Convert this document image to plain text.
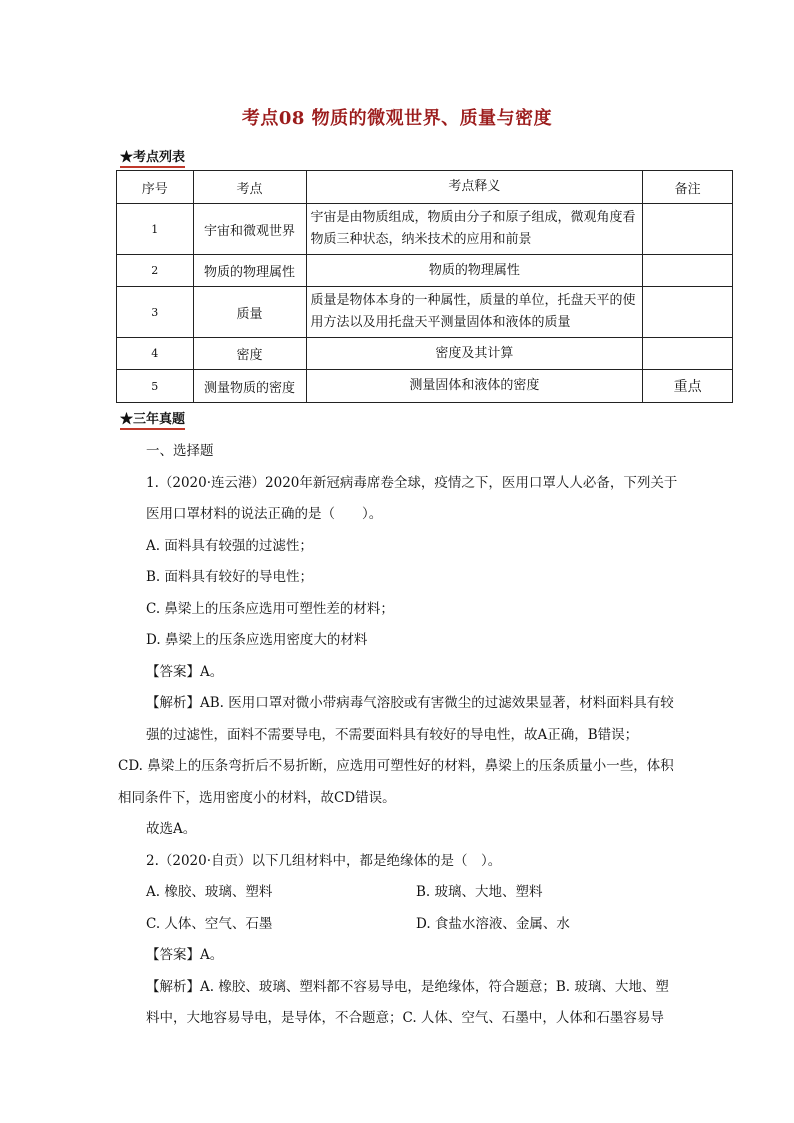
考点08 物质的微观世界、质量与密度
★考点列表
序号	考点	考点释义	备注
1	宇宙和微观世界	宇宙是由物质组成，物质由分子和原子组成，微观角度看物质三种状态，纳米技术的应用和前景	
2	物质的物理属性	物质的物理属性	
3	质量	质量是物体本身的一种属性，质量的单位，托盘天平的使用方法以及用托盘天平测量固体和液体的质量	
4	密度	密度及其计算	
5	测量物质的密度	测量固体和液体的密度	重点
★三年真题

一、选择题

1.（2020·连云港）2020年新冠病毒席卷全球，疫情之下，医用口罩人人必备，下列关于医用口罩材料的说法正确的是（　　）。

A. 面料具有较强的过滤性；

B. 面料具有较好的导电性；

C. 鼻梁上的压条应选用可塑性差的材料；

D. 鼻梁上的压条应选用密度大的材料

【答案】A。

【解析】AB. 医用口罩对微小带病毒气溶胶或有害微尘的过滤效果显著，材料面料具有较强的过滤性，面料不需要导电，不需要面料具有较好的导电性，故A正确，B错误；

CD. 鼻梁上的压条弯折后不易折断，应选用可塑性好的材料，鼻梁上的压条质量小一些，体积相同条件下，选用密度小的材料，故CD错误。

故选A。

2.（2020·自贡）以下几组材料中，都是绝缘体的是（　）。

A. 橡胶、玻璃、塑料	B. 玻璃、大地、塑料
C. 人体、空气、石墨	D. 食盐水溶液、金属、水

【答案】A。

【解析】A. 橡胶、玻璃、塑料都不容易导电，是绝缘体，符合题意；B. 玻璃、大地、塑料中，大地容易导电，是导体，不合题意；C. 人体、空气、石墨中，人体和石墨容易导
